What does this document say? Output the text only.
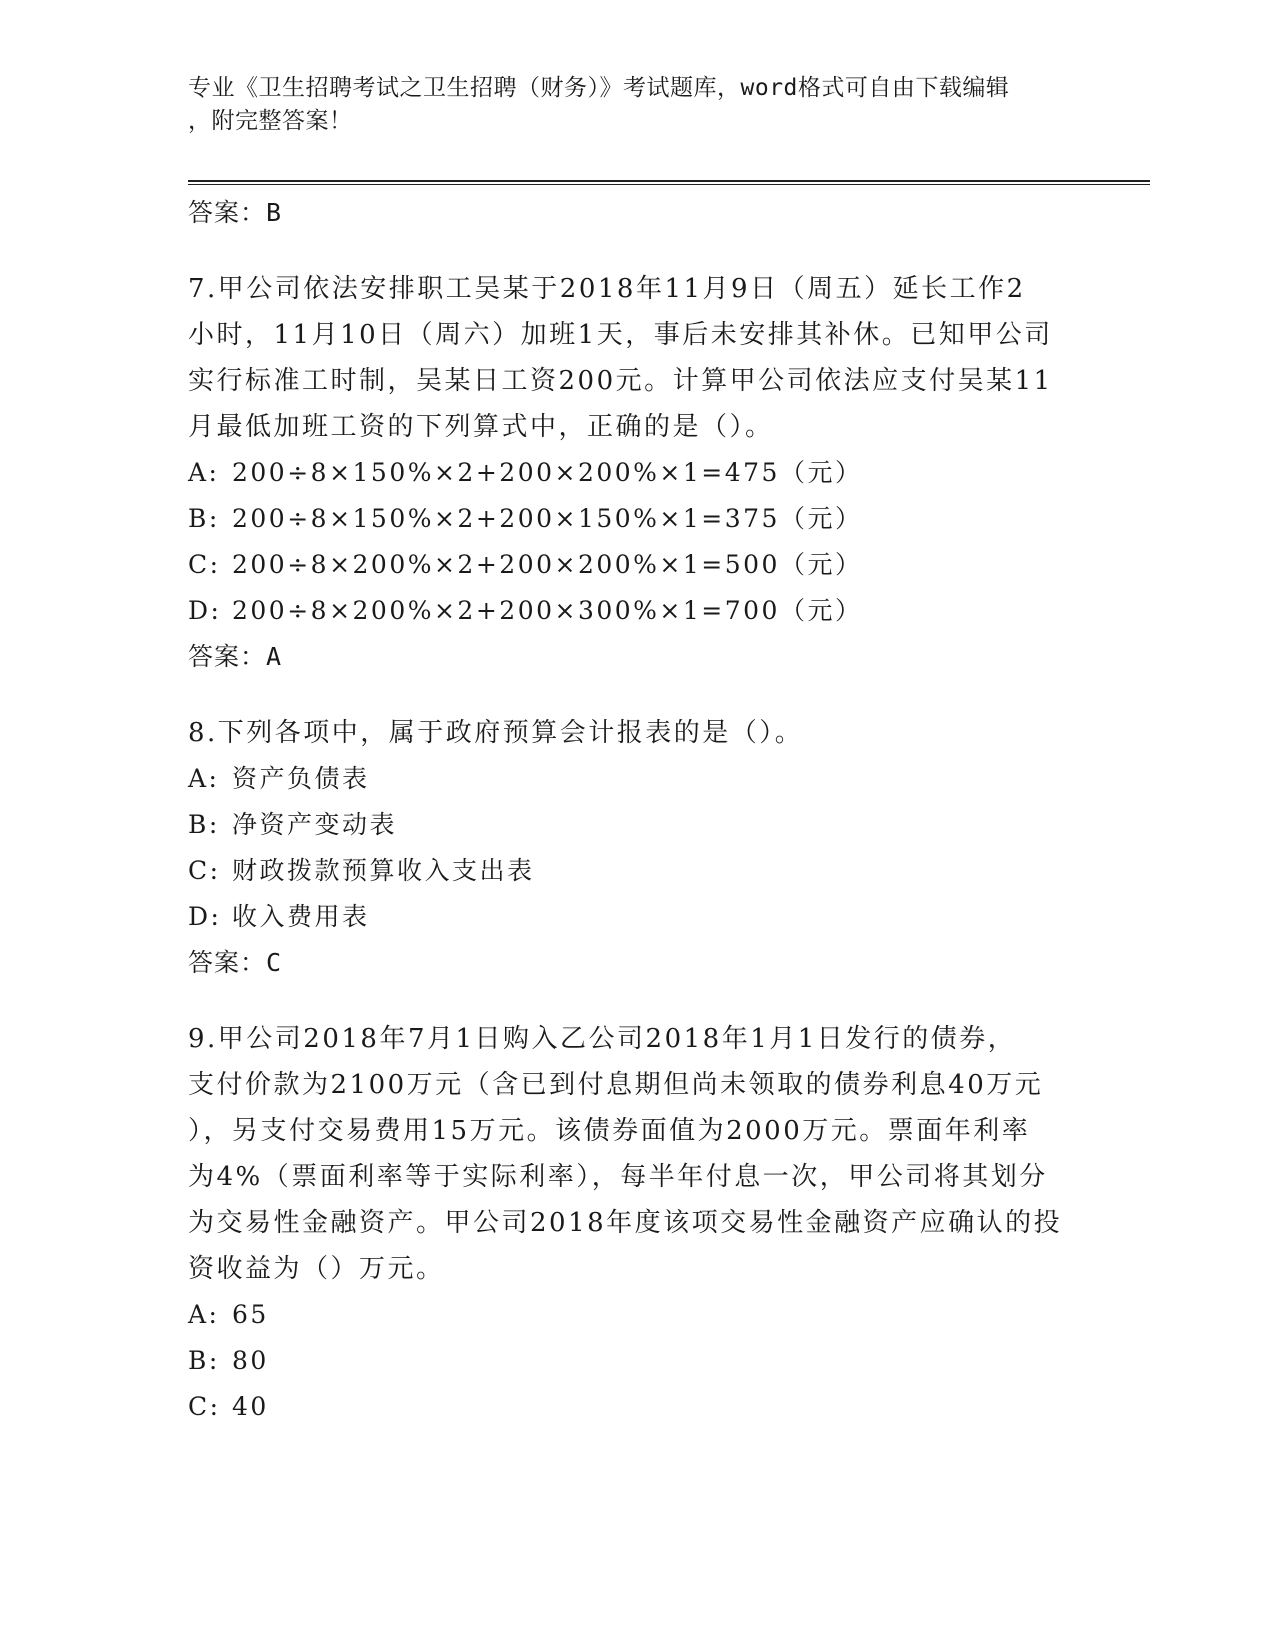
专业《卫生招聘考试之卫生招聘（财务）》考试题库，word格式可自由下载编辑
，附完整答案！
答案：B
7.甲公司依法安排职工吴某于2018年11月9日（周五）延长工作2
小时，11月10日（周六）加班1天，事后未安排其补休。已知甲公司
实行标准工时制，吴某日工资200元。计算甲公司依法应支付吴某11
月最低加班工资的下列算式中，正确的是（）。
A: 200÷8×150%×2+200×200%×1=475（元）
B: 200÷8×150%×2+200×150%×1=375（元）
C: 200÷8×200%×2+200×200%×1=500（元）
D: 200÷8×200%×2+200×300%×1=700（元）
答案：A
8.下列各项中，属于政府预算会计报表的是（）。
A: 资产负债表
B: 净资产变动表
C: 财政拨款预算收入支出表
D: 收入费用表
答案：C
9.甲公司2018年7月1日购入乙公司2018年1月1日发行的债券，
支付价款为2100万元（含已到付息期但尚未领取的债券利息40万元
），另支付交易费用15万元。该债券面值为2000万元。票面年利率
为4%（票面利率等于实际利率），每半年付息一次，甲公司将其划分
为交易性金融资产。甲公司2018年度该项交易性金融资产应确认的投
资收益为（）万元。
A: 65
B: 80
C: 40
